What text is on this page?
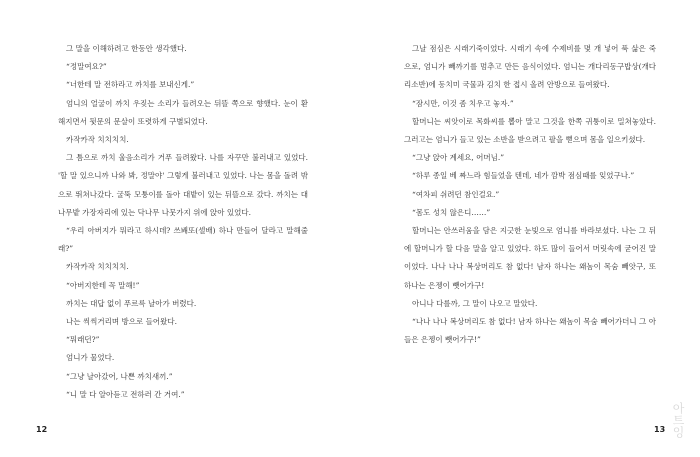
그 말을 이해하려고 한동안 생각했다.

“정말여요?”

“너한테 말 전하라고 까치를 보내신게.”

엄니의 얼굴이 까치 우짖는 소리가 들려오는 뒤뜰 쪽으로 향했다. 눈이 환해지면서 뒷문의 문살이 또렷하게 구별되었다.

카작카작 치치치치.

그 틈으로 까치 울음소리가 거푸 들려왔다. 나를 자꾸만 불러내고 있었다. '할 말 있으니까 나와 봐, 정말야' 그렇게 불러내고 있었다. 나는 몸을 돌려 밖으로 뛰쳐나갔다. 굴뚝 모퉁이를 돌아 대밭이 있는 뒤뜰으로 갔다. 까치는 대나무밭 가장자리에 있는 닥나무 나뭇가지 위에 앉아 있었다.

“우리 아버지가 뭐라고 하시데? 쓰봬또(셀배) 하나 만들어 달라고 말해줄래?”

카작카작 치치치치.

“아버지한테 꼭 말해!”

까치는 대답 없이 푸르륵 날아가 버렸다.

나는 씩씩거리며 방으로 들어왔다.

“뭐래던?”

엄니가 물었다.

“그냥 날아갔어, 나쁜 까치새끼.”

“니 말 다 알아듣고 전하러 간 거여.”

12

그날 점심은 시래기죽이었다. 시래기 속에 수제비를 몇 개 넣어 푹 삶은 죽으로, 엄니가 빼까기를 멈추고 만든 음식이었다. 엄니는 개다리동구밥상(개다리소반)에 동치미 국물과 김치 한 접시 올려 안방으로 들여왔다.

“잠시만, 이것 좀 치우고 놓자.”

할머니는 씨앗이로 목화씨를 뽑아 말고 그것을 한쪽 귀퉁이로 밀쳐놓았다. 그러고는 엄니가 들고 있는 소반을 받으려고 팔을 뻗으며 몸을 일으키셨다.

“그냥 앉아 계세요, 어머님.”

“하루 종일 베 짜느라 힘들었을 텐데, 네가 깜박 점심때를 잊었구나.”

“여차피 쉬려던 참인걸요.”

“몸도 성치 않은디……”

할머니는 안쓰러움을 담은 지긋한 눈빛으로 엄니를 바라보셨다. 나는 그 뒤에 할머니가 할 다음 말을 알고 있었다. 하도 많이 들어서 머릿속에 굳어진 말이었다. 나나 나나 복상머리도 참 없다! 남자 하나는 왜놈이 목숨 빼앗구, 또 하나는 은젱이 뺏어가구!

아니나 다를까, 그 말이 나오고 말았다.

“나나 나나 복상머리도 참 없다! 남자 하나는 왜놈이 목숨 빼어가더니 그 아들은 은젱이 뺏어가구!”

아트잉
13
